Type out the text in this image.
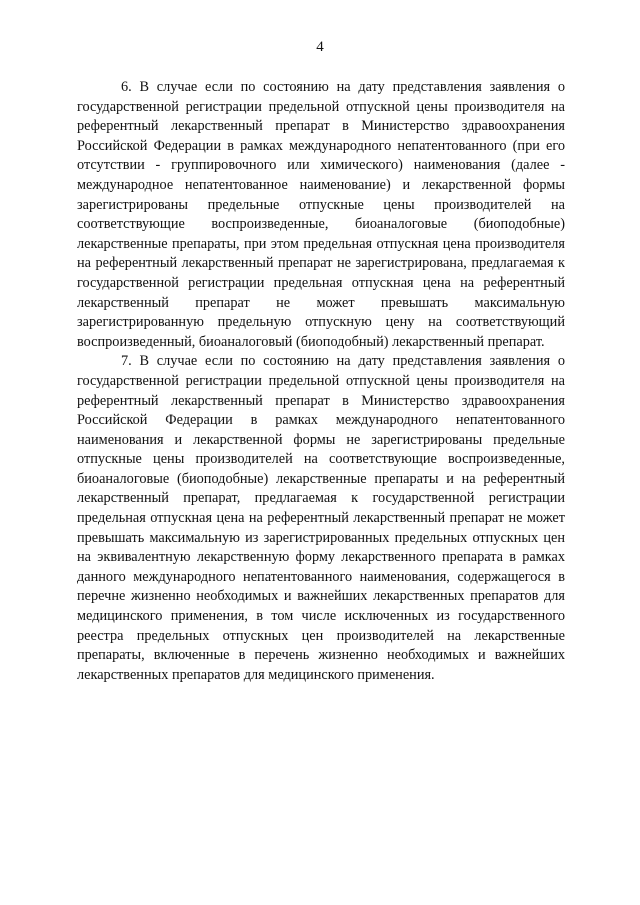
4

6. В случае если по состоянию на дату представления заявления о государственной регистрации предельной отпускной цены производителя на референтный лекарственный препарат в Министерство здравоохранения Российской Федерации в рамках международного непатентованного (при его отсутствии - группировочного или химического) наименования (далее - международное непатентованное наименование) и лекарственной формы зарегистрированы предельные отпускные цены производителей на соответствующие воспроизведенные, биоаналоговые (биоподобные) лекарственные препараты, при этом предельная отпускная цена производителя на референтный лекарственный препарат не зарегистрирована, предлагаемая к государственной регистрации предельная отпускная цена на референтный лекарственный препарат не может превышать максимальную зарегистрированную предельную отпускную цену на соответствующий воспроизведенный, биоаналоговый (биоподобный) лекарственный препарат.

7. В случае если по состоянию на дату представления заявления о государственной регистрации предельной отпускной цены производителя на референтный лекарственный препарат в Министерство здравоохранения Российской Федерации в рамках международного непатентованного наименования и лекарственной формы не зарегистрированы предельные отпускные цены производителей на соответствующие воспроизведенные, биоаналоговые (биоподобные) лекарственные препараты и на референтный лекарственный препарат, предлагаемая к государственной регистрации предельная отпускная цена на референтный лекарственный препарат не может превышать максимальную из зарегистрированных предельных отпускных цен на эквивалентную лекарственную форму лекарственного препарата в рамках данного международного непатентованного наименования, содержащегося в перечне жизненно необходимых и важнейших лекарственных препаратов для медицинского применения, в том числе исключенных из государственного реестра предельных отпускных цен производителей на лекарственные препараты, включенные в перечень жизненно необходимых и важнейших лекарственных препаратов для медицинского применения.
